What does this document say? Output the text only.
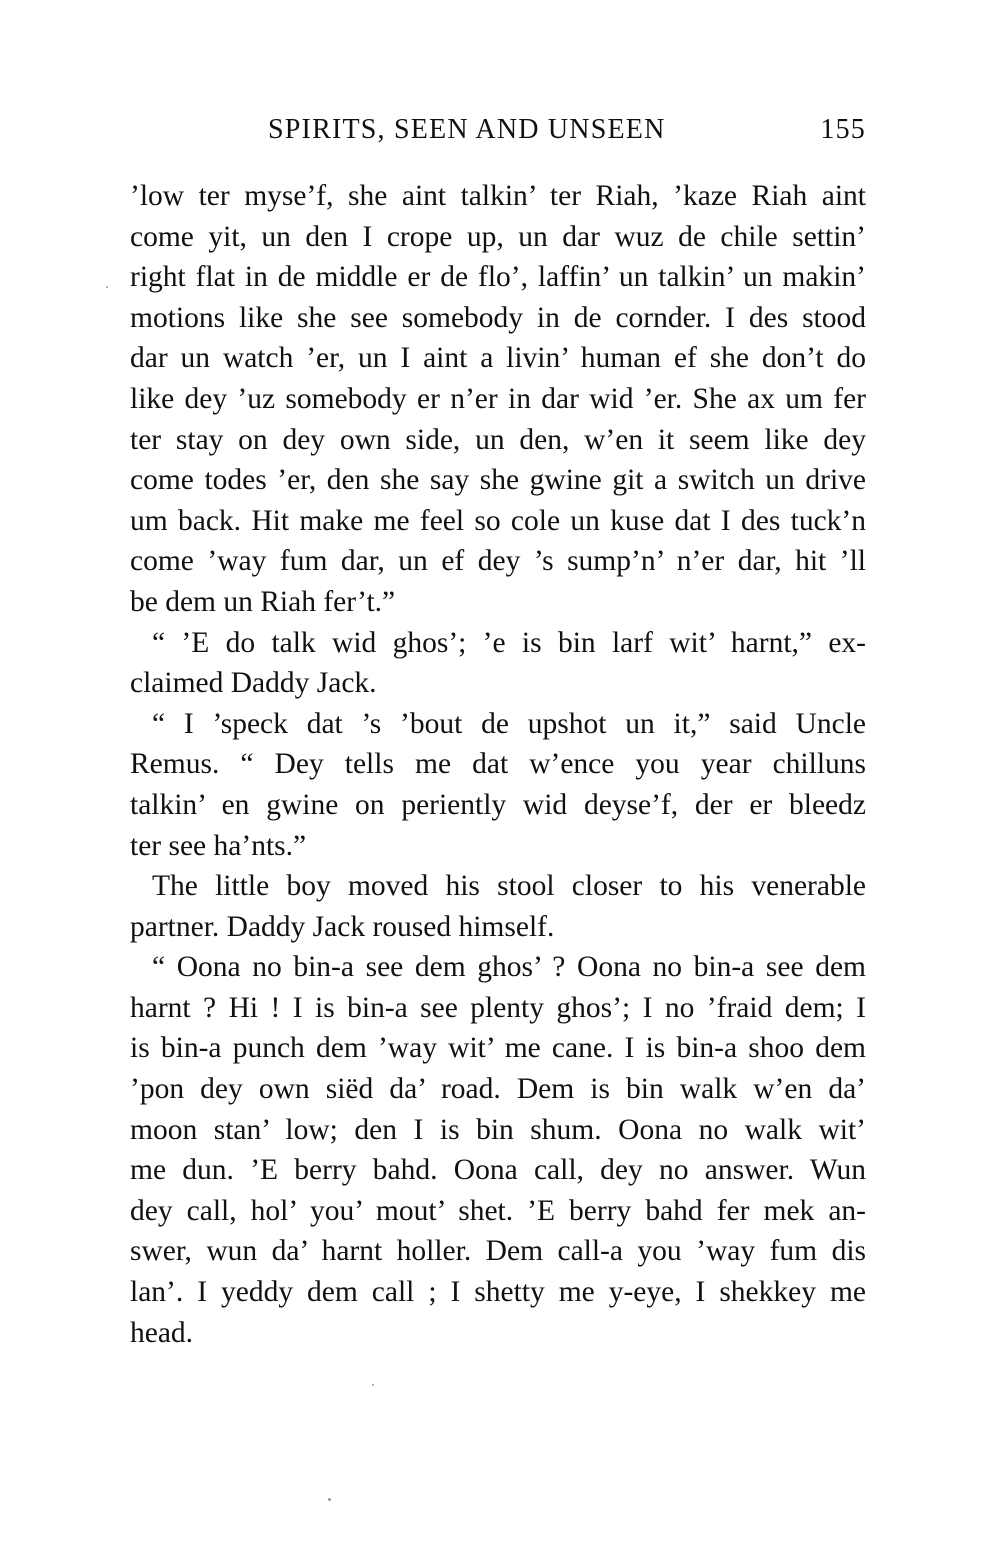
SPIRITS, SEEN AND UNSEEN	155
’low ter myse’f, she aint talkin’ ter Riah, ’kaze Riah aint
come yit, un den I crope up, un dar wuz de chile settin’
right flat in de middle er de flo’, laffin’ un talkin’ un makin’
motions like she see somebody in de cornder. I des stood
dar un watch ’er, un I aint a livin’ human ef she don’t do
like dey ’uz somebody er n’er in dar wid ’er. She ax um fer
ter stay on dey own side, un den, w’en it seem like dey
come todes ’er, den she say she gwine git a switch un drive
um back. Hit make me feel so cole un kuse dat I des tuck’n
come ’way fum dar, un ef dey ’s sump’n’ n’er dar, hit ’ll
be dem un Riah fer’t.”
“ ’E do talk wid ghos’; ’e is bin larf wit’ harnt,” ex-
claimed Daddy Jack.
“ I ’speck dat ’s ’bout de upshot un it,” said Uncle
Remus. “ Dey tells me dat w’ence you year chilluns
talkin’ en gwine on periently wid deyse’f, der er bleedz
ter see ha’nts.”
The little boy moved his stool closer to his venerable
partner. Daddy Jack roused himself.
“ Oona no bin-a see dem ghos’ ? Oona no bin-a see dem
harnt ? Hi ! I is bin-a see plenty ghos’; I no ’fraid dem; I
is bin-a punch dem ’way wit’ me cane. I is bin-a shoo dem
’pon dey own siëd da’ road. Dem is bin walk w’en da’
moon stan’ low; den I is bin shum. Oona no walk wit’
me dun. ’E berry bahd. Oona call, dey no answer. Wun
dey call, hol’ you’ mout’ shet. ’E berry bahd fer mek an-
swer, wun da’ harnt holler. Dem call-a you ’way fum dis
lan’. I yeddy dem call ; I shetty me y-eye, I shekkey me
head.
